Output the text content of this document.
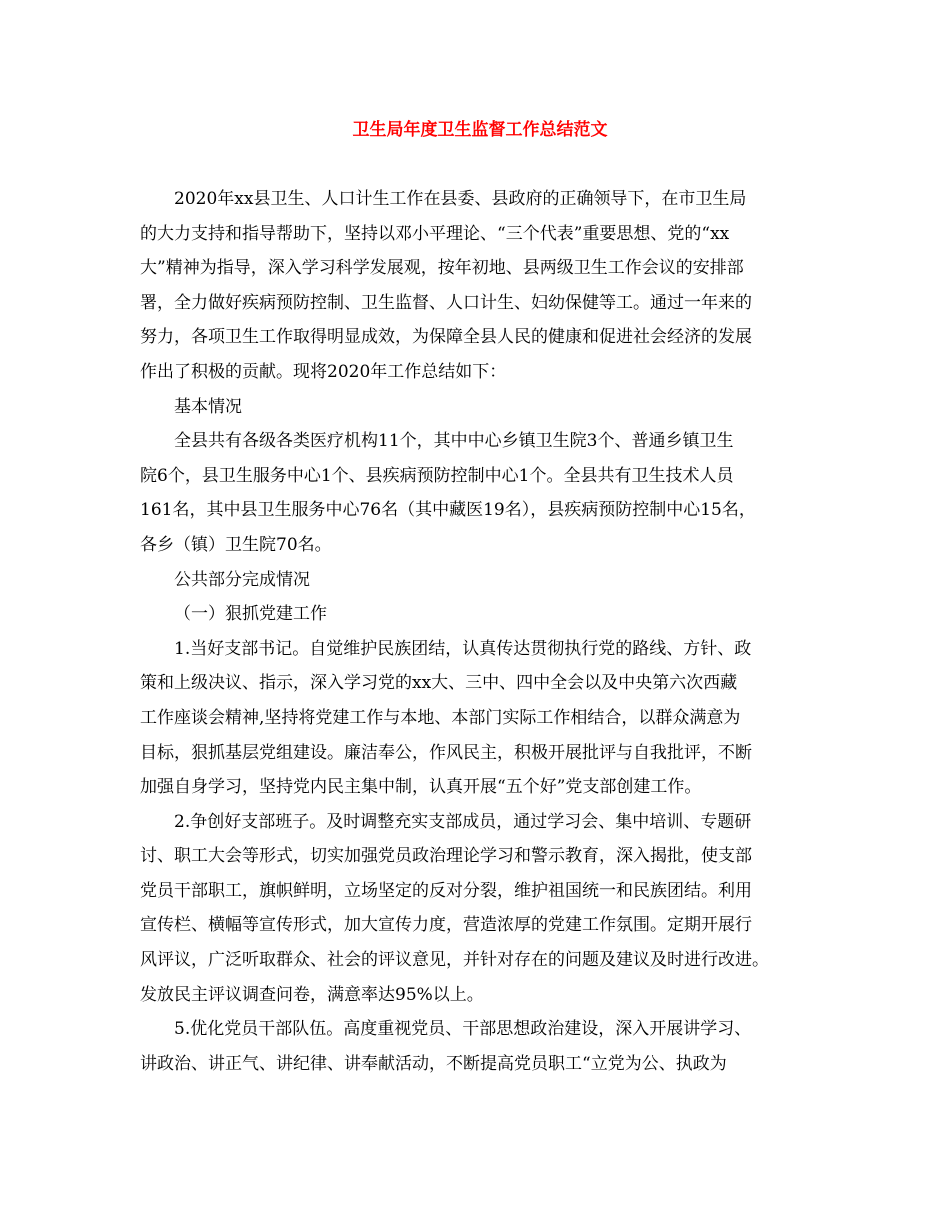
卫生局年度卫生监督工作总结范文
2020年xx县卫生、人口计生工作在县委、县政府的正确领导下，在市卫生局
的大力支持和指导帮助下，坚持以邓小平理论、“三个代表”重要思想、党的“xx
大”精神为指导，深入学习科学发展观，按年初地、县两级卫生工作会议的安排部
署，全力做好疾病预防控制、卫生监督、人口计生、妇幼保健等工。通过一年来的
努力，各项卫生工作取得明显成效，为保障全县人民的健康和促进社会经济的发展
作出了积极的贡献。现将2020年工作总结如下：
基本情况
全县共有各级各类医疗机构11个，其中中心乡镇卫生院3个、普通乡镇卫生
院6个，县卫生服务中心1个、县疾病预防控制中心1个。全县共有卫生技术人员
161名，其中县卫生服务中心76名（其中藏医19名），县疾病预防控制中心15名，
各乡（镇）卫生院70名。
公共部分完成情况
（一）狠抓党建工作
1.当好支部书记。自觉维护民族团结，认真传达贯彻执行党的路线、方针、政
策和上级决议、指示，深入学习党的xx大、三中、四中全会以及中央第六次西藏
工作座谈会精神,坚持将党建工作与本地、本部门实际工作相结合，以群众满意为
目标，狠抓基层党组建设。廉洁奉公，作风民主，积极开展批评与自我批评，不断
加强自身学习，坚持党内民主集中制，认真开展“五个好”党支部创建工作。
2.争创好支部班子。及时调整充实支部成员，通过学习会、集中培训、专题研
讨、职工大会等形式，切实加强党员政治理论学习和警示教育，深入揭批，使支部
党员干部职工，旗帜鲜明，立场坚定的反对分裂，维护祖国统一和民族团结。利用
宣传栏、横幅等宣传形式，加大宣传力度，营造浓厚的党建工作氛围。定期开展行
风评议，广泛听取群众、社会的评议意见，并针对存在的问题及建议及时进行改进。
发放民主评议调查问卷，满意率达95%以上。
5.优化党员干部队伍。高度重视党员、干部思想政治建设，深入开展讲学习、
讲政治、讲正气、讲纪律、讲奉献活动，不断提高党员职工“立党为公、执政为
